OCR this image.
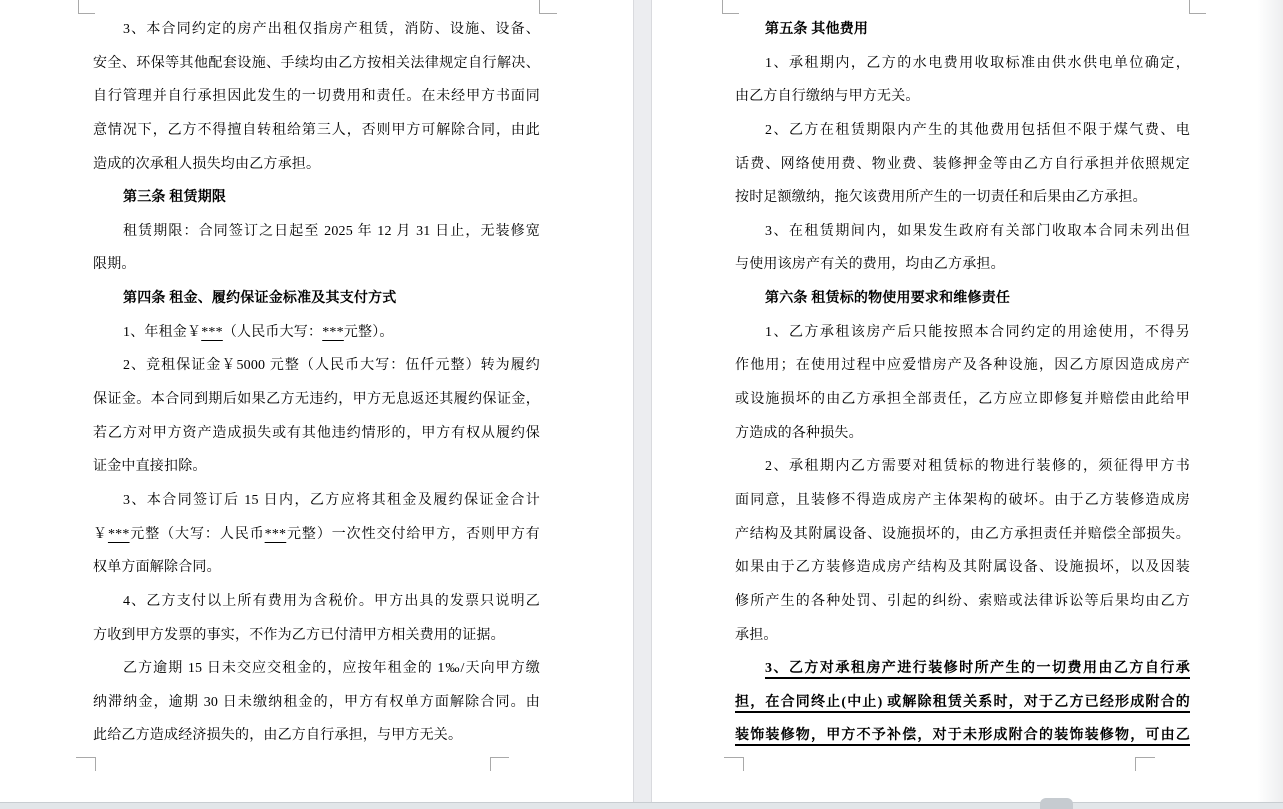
3、本合同约定的房产出租仅指房产租赁，消防、设施、设备、
安全、环保等其他配套设施、手续均由乙方按相关法律规定自行解决、
自行管理并自行承担因此发生的一切费用和责任。在未经甲方书面同
意情况下，乙方不得擅自转租给第三人，否则甲方可解除合同，由此
造成的次承租人损失均由乙方承担。
第三条 租赁期限
租赁期限：合同签订之日起至 2025 年 12 月 31 日止，无装修宽
限期。
第四条 租金、履约保证金标准及其支付方式
1、年租金￥***（人民币大写：***元整）。
2、竞租保证金￥5000 元整（人民币大写：伍仟元整）转为履约
保证金。本合同到期后如果乙方无违约，甲方无息返还其履约保证金，
若乙方对甲方资产造成损失或有其他违约情形的，甲方有权从履约保
证金中直接扣除。
3、本合同签订后 15 日内，乙方应将其租金及履约保证金合计
￥***元整（大写：人民币***元整）一次性交付给甲方，否则甲方有
权单方面解除合同。
4、乙方支付以上所有费用为含税价。甲方出具的发票只说明乙
方收到甲方发票的事实，不作为乙方已付清甲方相关费用的证据。
乙方逾期 15 日未交应交租金的，应按年租金的 1‰/天向甲方缴
纳滞纳金，逾期 30 日未缴纳租金的，甲方有权单方面解除合同。由
此给乙方造成经济损失的，由乙方自行承担，与甲方无关。
第五条 其他费用
1、承租期内，乙方的水电费用收取标准由供水供电单位确定，
由乙方自行缴纳与甲方无关。
2、乙方在租赁期限内产生的其他费用包括但不限于煤气费、电
话费、网络使用费、物业费、装修押金等由乙方自行承担并依照规定
按时足额缴纳，拖欠该费用所产生的一切责任和后果由乙方承担。
3、在租赁期间内，如果发生政府有关部门收取本合同未列出但
与使用该房产有关的费用，均由乙方承担。
第六条 租赁标的物使用要求和维修责任
1、乙方承租该房产后只能按照本合同约定的用途使用，不得另
作他用；在使用过程中应爱惜房产及各种设施，因乙方原因造成房产
或设施损坏的由乙方承担全部责任，乙方应立即修复并赔偿由此给甲
方造成的各种损失。
2、承租期内乙方需要对租赁标的物进行装修的，须征得甲方书
面同意，且装修不得造成房产主体架构的破坏。由于乙方装修造成房
产结构及其附属设备、设施损坏的，由乙方承担责任并赔偿全部损失。
如果由于乙方装修造成房产结构及其附属设备、设施损坏，以及因装
修所产生的各种处罚、引起的纠纷、索赔或法律诉讼等后果均由乙方
承担。
3、乙方对承租房产进行装修时所产生的一切费用由乙方自行承
担，在合同终止(中止) 或解除租赁关系时，对于乙方已经形成附合的
装饰装修物，甲方不予补偿，对于未形成附合的装饰装修物，可由乙
